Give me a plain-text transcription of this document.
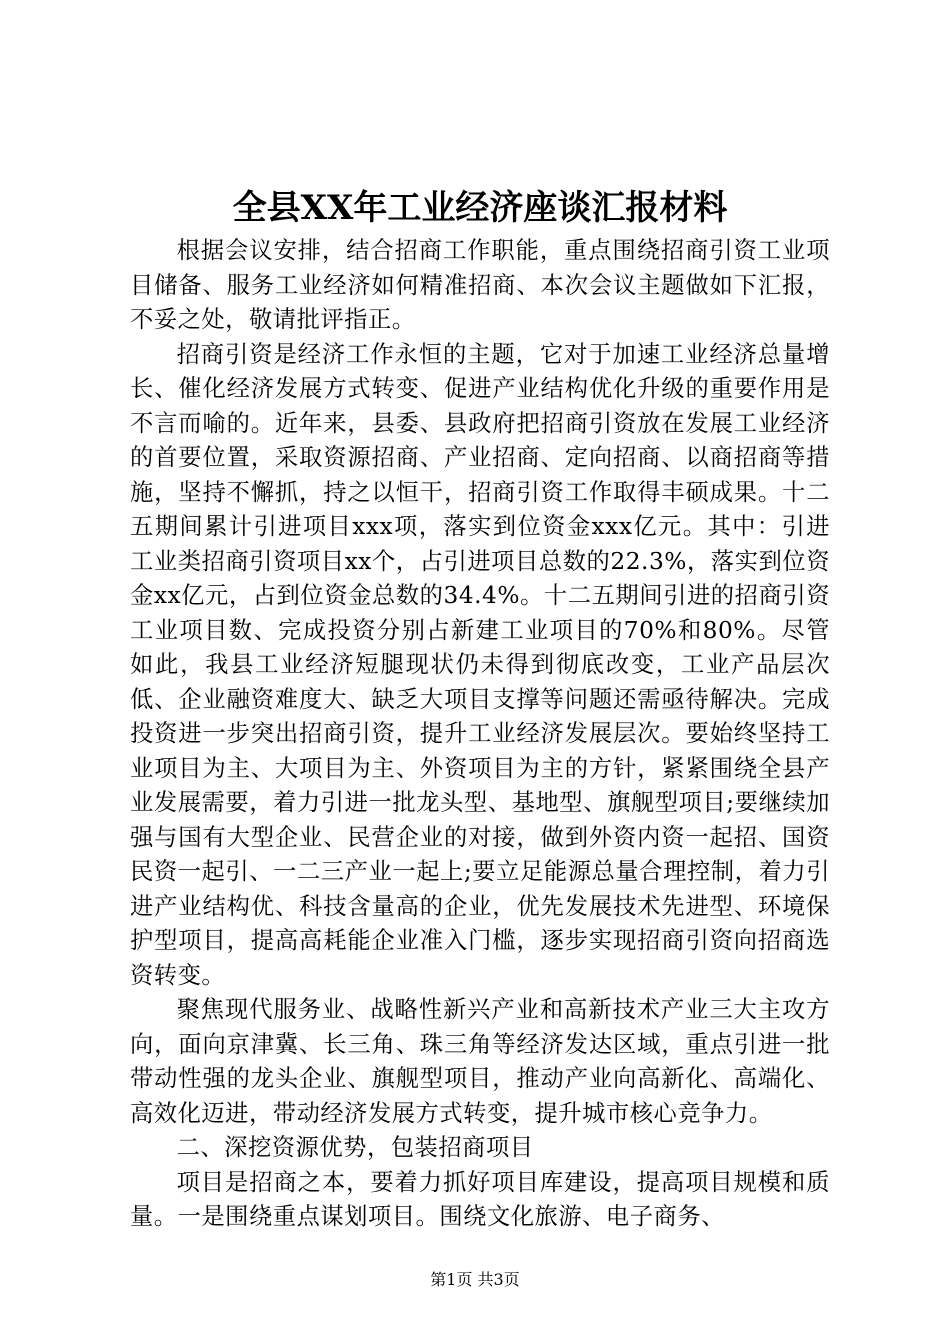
全县XX年工业经济座谈汇报材料

根据会议安排，结合招商工作职能，重点围绕招商引资工业项目储备、服务工业经济如何精准招商、本次会议主题做如下汇报，不妥之处，敬请批评指正。

招商引资是经济工作永恒的主题，它对于加速工业经济总量增长、催化经济发展方式转变、促进产业结构优化升级的重要作用是不言而喻的。近年来，县委、县政府把招商引资放在发展工业经济的首要位置，采取资源招商、产业招商、定向招商、以商招商等措施，坚持不懈抓，持之以恒干，招商引资工作取得丰硕成果。十二五期间累计引进项目xxx项，落实到位资金xxx亿元。其中：引进工业类招商引资项目xx个，占引进项目总数的22.3%，落实到位资金xx亿元，占到位资金总数的34.4%。十二五期间引进的招商引资工业项目数、完成投资分别占新建工业项目的70%和80%。尽管如此，我县工业经济短腿现状仍未得到彻底改变，工业产品层次低、企业融资难度大、缺乏大项目支撑等问题还需亟待解决。完成投资进一步突出招商引资，提升工业经济发展层次。要始终坚持工业项目为主、大项目为主、外资项目为主的方针，紧紧围绕全县产业发展需要，着力引进一批龙头型、基地型、旗舰型项目;要继续加强与国有大型企业、民营企业的对接，做到外资内资一起招、国资民资一起引、一二三产业一起上;要立足能源总量合理控制，着力引进产业结构优、科技含量高的企业，优先发展技术先进型、环境保护型项目，提高高耗能企业准入门槛，逐步实现招商引资向招商选资转变。

聚焦现代服务业、战略性新兴产业和高新技术产业三大主攻方向，面向京津冀、长三角、珠三角等经济发达区域，重点引进一批带动性强的龙头企业、旗舰型项目，推动产业向高新化、高端化、高效化迈进，带动经济发展方式转变，提升城市核心竞争力。

二、深挖资源优势，包装招商项目

项目是招商之本，要着力抓好项目库建设，提高项目规模和质量。一是围绕重点谋划项目。围绕文化旅游、电子商务、

第1页 共3页
